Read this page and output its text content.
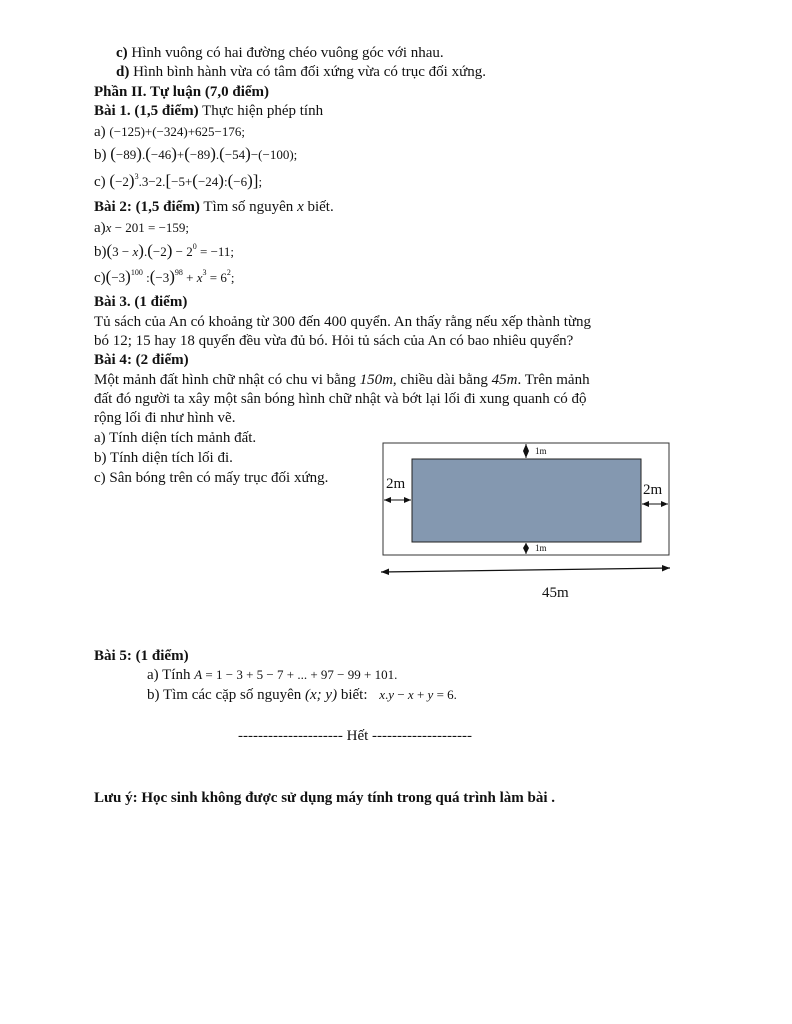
c) Hình vuông có hai đường chéo vuông góc với nhau.
d) Hình bình hành vừa có tâm đối xứng vừa có trục đối xứng.
Phần II. Tự luận (7,0 điểm)
Bài 1. (1,5 điểm) Thực hiện phép tính
a) (−125)+(−324)+625−176;
b) (−89).(−46)+(−89).(−54)−(−100);
c) $(-2)^3.3-2.[-5+(-24):(-6)]$;
Bài 2: (1,5 điểm) Tìm số nguyên x biết.
a)x − 201 = −159;
$b)(3 - x).(-2) - 2^0 = -11$;
$c)(-3)^{100}$ $:(-3)^{98} + x^3 = 6^2$;
Bài 3. (1 điểm)
Tủ sách của An có khoảng từ 300 đến 400 quyển. An thấy rằng nếu xếp thành từng
bó 12; 15 hay 18 quyển đều vừa đủ bó. Hỏi tủ sách của An có bao nhiêu quyển?
Bài 4: (2 điểm)
Một mảnh đất hình chữ nhật có chu vi bằng 150m, chiều dài bằng 45m. Trên mảnh
đất đó người ta xây một sân bóng hình chữ nhật và bớt lại lối đi xung quanh có độ
rộng lối đi như hình vẽ.
a) Tính diện tích mảnh đất.
b) Tính diện tích lối đi.
c) Sân bóng trên có mấy trục đối xứng.
1m
1m
2m	2m
45m
Bài 5: (1 điểm)
a) Tính A = 1 − 3 + 5 − 7 + ... + 97 − 99 + 101.
b) Tìm các cặp số nguyên (x; y) biết: x.y − x + y = 6.
--------------------- Hết --------------------
Lưu ý: Học sinh không được sử dụng máy tính trong quá trình làm bài .
